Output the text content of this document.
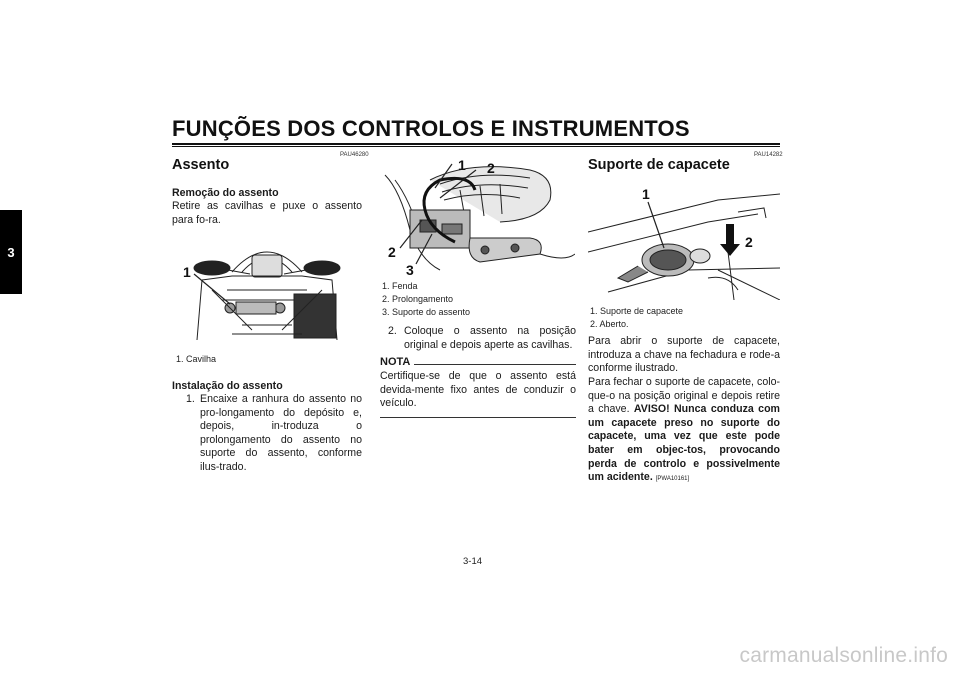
FUNÇÕES DOS CONTROLOS E INSTRUMENTOS
3
PAU46280
Assento
Remoção do assento
Retire as cavilhas e puxe o assento para fo-ra.
1
1. Cavilha
Instalação do assento
1. Encaixe a ranhura do assento no pro-longamento do depósito e, depois, in-troduza o prolongamento do assento no suporte do assento, conforme ilus-trado.
1 2
2
3
1. Fenda
2. Prolongamento
3. Suporte do assento
2. Coloque o assento na posição original e depois aperte as cavilhas.
NOTA
Certifique-se de que o assento está devida-mente fixo antes de conduzir o veículo.
PAU14282
Suporte de capacete
1
2
1. Suporte de capacete
2. Aberto.
Para abrir o suporte de capacete, introduza a chave na fechadura e rode-a conforme ilustrado.
Para fechar o suporte de capacete, colo-que-o na posição original e depois retire a chave. AVISO! Nunca conduza com um capacete preso no suporte do capacete, uma vez que este pode bater em objec-tos, provocando perda de controlo e possivelmente um acidente. [PWA10161]
3-14
carmanualsonline.info
